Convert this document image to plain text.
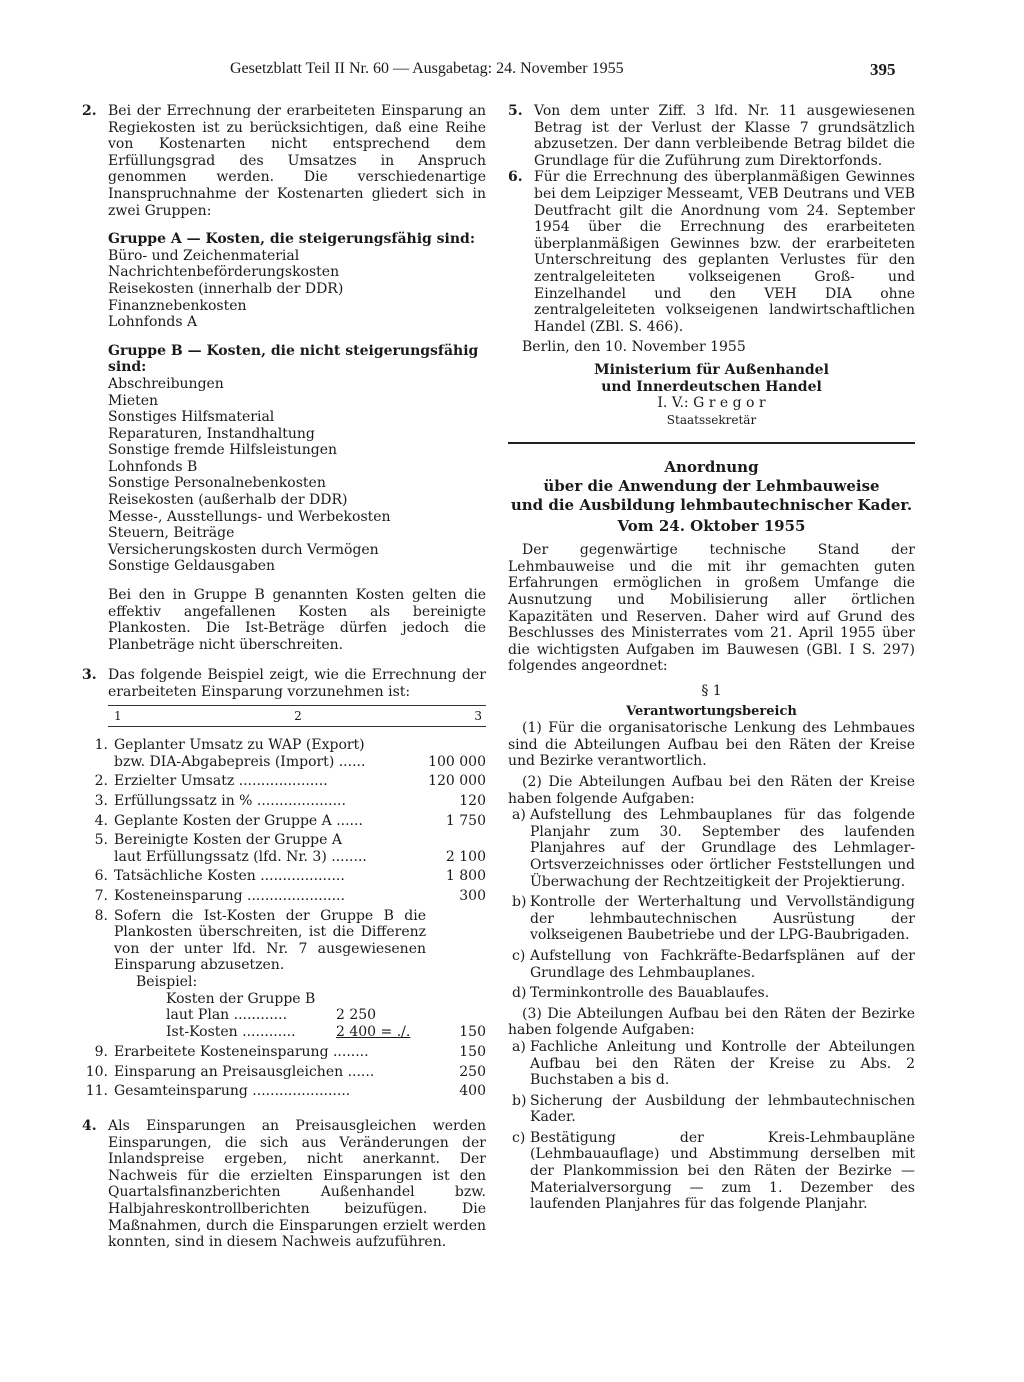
Gesetzblatt Teil II Nr. 60 — Ausgabetag: 24. November 1955	395
2. Bei der Errechnung der erarbeiteten Einsparung an Regiekosten ist zu berücksichtigen, daß eine Reihe von Kostenarten nicht entsprechend dem Erfüllungsgrad des Umsatzes in Anspruch genommen werden. Die verschiedenartige Inanspruchnahme der Kostenarten gliedert sich in zwei Gruppen:
Gruppe A — Kosten, die steigerungsfähig sind:
Büro- und Zeichenmaterial
Nachrichtenbeförderungskosten
Reisekosten (innerhalb der DDR)
Finanznebenkosten
Lohnfonds A
Gruppe B — Kosten, die nicht steigerungsfähig sind:
Abschreibungen
Mieten
Sonstiges Hilfsmaterial
Reparaturen, Instandhaltung
Sonstige fremde Hilfsleistungen
Lohnfonds B
Sonstige Personalnebenkosten
Reisekosten (außerhalb der DDR)
Messe-, Ausstellungs- und Werbekosten
Steuern, Beiträge
Versicherungskosten durch Vermögen
Sonstige Geldausgaben

Bei den in Gruppe B genannten Kosten gelten die effektiv angefallenen Kosten als bereinigte Plankosten. Die Ist-Beträge dürfen jedoch die Planbeträge nicht überschreiten.

3. Das folgende Beispiel zeigt, wie die Errechnung der erarbeiteten Einsparung vorzunehmen ist:
1	2	3
1. Geplanter Umsatz zu WAP (Export)
bzw. DIA-Abgabepreis (Import) ......	100 000
2. Erzielter Umsatz ....................	120 000
3. Erfüllungssatz in % ....................	120
4. Geplante Kosten der Gruppe A ......	1 750
5. Bereinigte Kosten der Gruppe A
laut Erfüllungssatz (lfd. Nr. 3) ........	2 100
6. Tatsächliche Kosten ...................	1 800
7. Kosteneinsparung ......................	300
8. Sofern die Ist-Kosten der Gruppe B die Plankosten überschreiten, ist die Differenz von der unter lfd. Nr. 7 ausgewiesenen Einsparung abzusetzen.
Beispiel:
Kosten der Gruppe B
laut Plan ............	2 250
Ist-Kosten ............	2 400 = ./.	150
9. Erarbeitete Kosteneinsparung ........	150
10. Einsparung an Preisausgleichen ......	250
11. Gesamteinsparung ......................	400
4. Als Einsparungen an Preisausgleichen werden Einsparungen, die sich aus Veränderungen der Inlandspreise ergeben, nicht anerkannt. Der Nachweis für die erzielten Einsparungen ist den Quartalsfinanzberichten Außenhandel bzw. Halbjahreskontrollberichten beizufügen. Die Maßnahmen, durch die Einsparungen erzielt werden konnten, sind in diesem Nachweis aufzuführen.
5. Von dem unter Ziff. 3 lfd. Nr. 11 ausgewiesenen Betrag ist der Verlust der Klasse 7 grundsätzlich abzusetzen. Der dann verbleibende Betrag bildet die Grundlage für die Zuführung zum Direktorfonds.
6. Für die Errechnung des überplanmäßigen Gewinnes bei dem Leipziger Messeamt, VEB Deutrans und VEB Deutfracht gilt die Anordnung vom 24. September 1954 über die Errechnung des erarbeiteten überplanmäßigen Gewinnes bzw. der erarbeiteten Unterschreitung des geplanten Verlustes für den zentralgeleiteten volkseigenen Groß- und Einzelhandel und den VEH DIA ohne zentralgeleiteten volkseigenen landwirtschaftlichen Handel (ZBl. S. 466).

Berlin, den 10. November 1955

Ministerium für Außenhandel
und Innerdeutschen Handel
I. V.: G r e g o r
Staatssekretär
Anordnung
über die Anwendung der Lehmbauweise
und die Ausbildung lehmbautechnischer Kader.
Vom 24. Oktober 1955

Der gegenwärtige technische Stand der Lehmbauweise und die mit ihr gemachten guten Erfahrungen ermöglichen in großem Umfange die Ausnutzung und Mobilisierung aller örtlichen Kapazitäten und Reserven. Daher wird auf Grund des Beschlusses des Ministerrates vom 21. April 1955 über die wichtigsten Aufgaben im Bauwesen (GBl. I S. 297) folgendes angeordnet:

§ 1
Verantwortungsbereich

(1) Für die organisatorische Lenkung des Lehmbaues sind die Abteilungen Aufbau bei den Räten der Kreise und Bezirke verantwortlich.

(2) Die Abteilungen Aufbau bei den Räten der Kreise haben folgende Aufgaben:

a) Aufstellung des Lehmbauplanes für das folgende Planjahr zum 30. September des laufenden Planjahres auf der Grundlage des Lehmlager-Ortsverzeichnisses oder örtlicher Feststellungen und Überwachung der Rechtzeitigkeit der Projektierung.
b) Kontrolle der Werterhaltung und Vervollständigung der lehmbautechnischen Ausrüstung der volkseigenen Baubetriebe und der LPG-Baubrigaden.
c) Aufstellung von Fachkräfte-Bedarfsplänen auf der Grundlage des Lehmbauplanes.
d) Terminkontrolle des Bauablaufes.

(3) Die Abteilungen Aufbau bei den Räten der Bezirke haben folgende Aufgaben:

a) Fachliche Anleitung und Kontrolle der Abteilungen Aufbau bei den Räten der Kreise zu Abs. 2 Buchstaben a bis d.
b) Sicherung der Ausbildung der lehmbautechnischen Kader.
c) Bestätigung der Kreis-Lehmbaupläne (Lehmbauauflage) und Abstimmung derselben mit der Plankommission bei den Räten der Bezirke — Materialversorgung — zum 1. Dezember des laufenden Planjahres für das folgende Planjahr.
